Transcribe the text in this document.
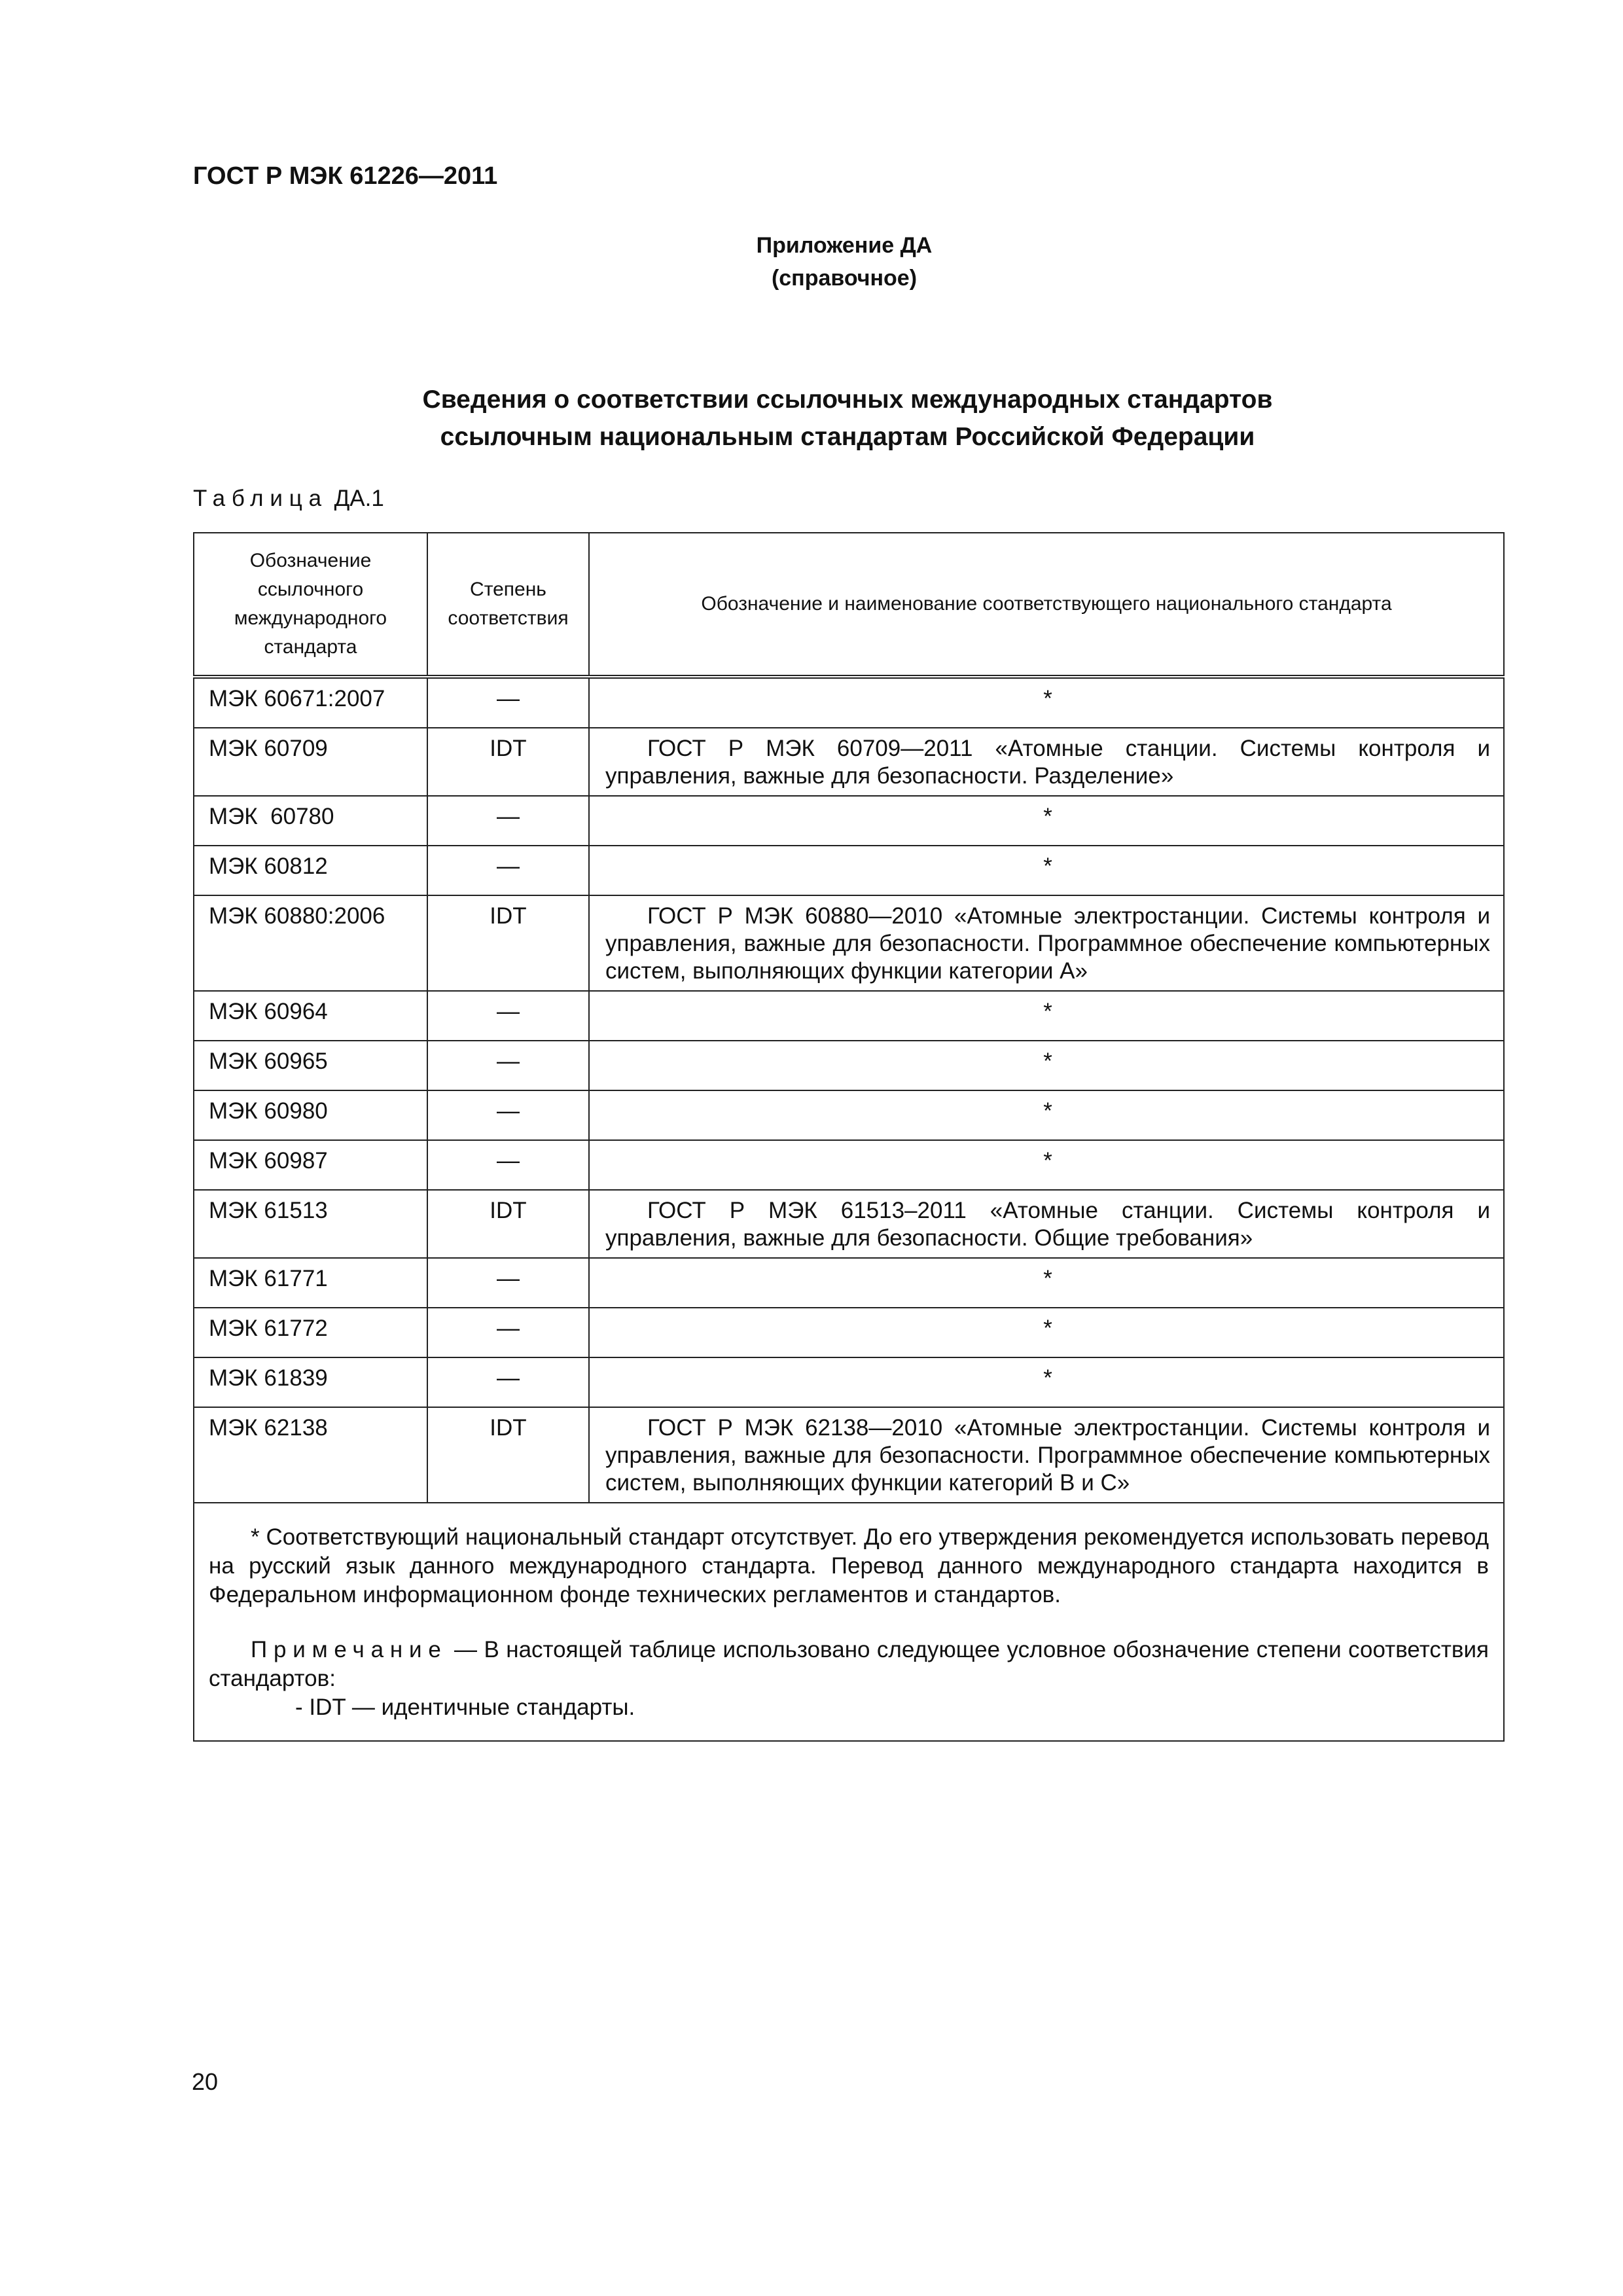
ГОСТ Р МЭК 61226—2011

Приложение ДА

(справочное)

Сведения о соответствии ссылочных международных стандартов
ссылочным национальным стандартам Российской Федерации

Таблица ДА.1

Обозначение ссылочного международного стандарта	Степень соответствия	Обозначение и наименование соответствующего национального стандарта
МЭК 60671:2007	—	*
МЭК 60709	IDT	ГОСТ Р МЭК 60709—2011 «Атомные станции. Системы контроля и управления, важные для безопасности. Разделение»

МЭК  60780	—	*
МЭК 60812	—	*
МЭК 60880:2006	IDT	ГОСТ Р МЭК 60880—2010 «Атомные электростанции. Системы контроля и управления, важные для безопасности. Программное обеспечение компьютерных систем, выполняющих функции категории А»

МЭК 60964	—	*
МЭК 60965	—	*
МЭК 60980	—	*
МЭК 60987	—	*
МЭК 61513	IDT	ГОСТ Р МЭК 61513–2011 «Атомные станции. Системы контроля и управления, важные для безопасности. Общие требования»

МЭК 61771	—	*
МЭК 61772	—	*
МЭК 61839	—	*
МЭК 62138	IDT	ГОСТ Р МЭК 62138—2010 «Атомные электростанции. Системы контроля и управления, важные для безопасности. Программное обеспечение компьютерных систем, выполняющих функции категорий В и С»

* Соответствующий национальный стандарт отсутствует. До его утверждения рекомендуется использовать перевод на русский язык данного международного стандарта. Перевод данного международного стандарта находится в Федеральном информационном фонде технических регламентов и стандартов.

Примечание — В настоящей таблице использовано следующее условное обозначение степени соответствия стандартов:

- IDT — идентичные стандарты.		

20
